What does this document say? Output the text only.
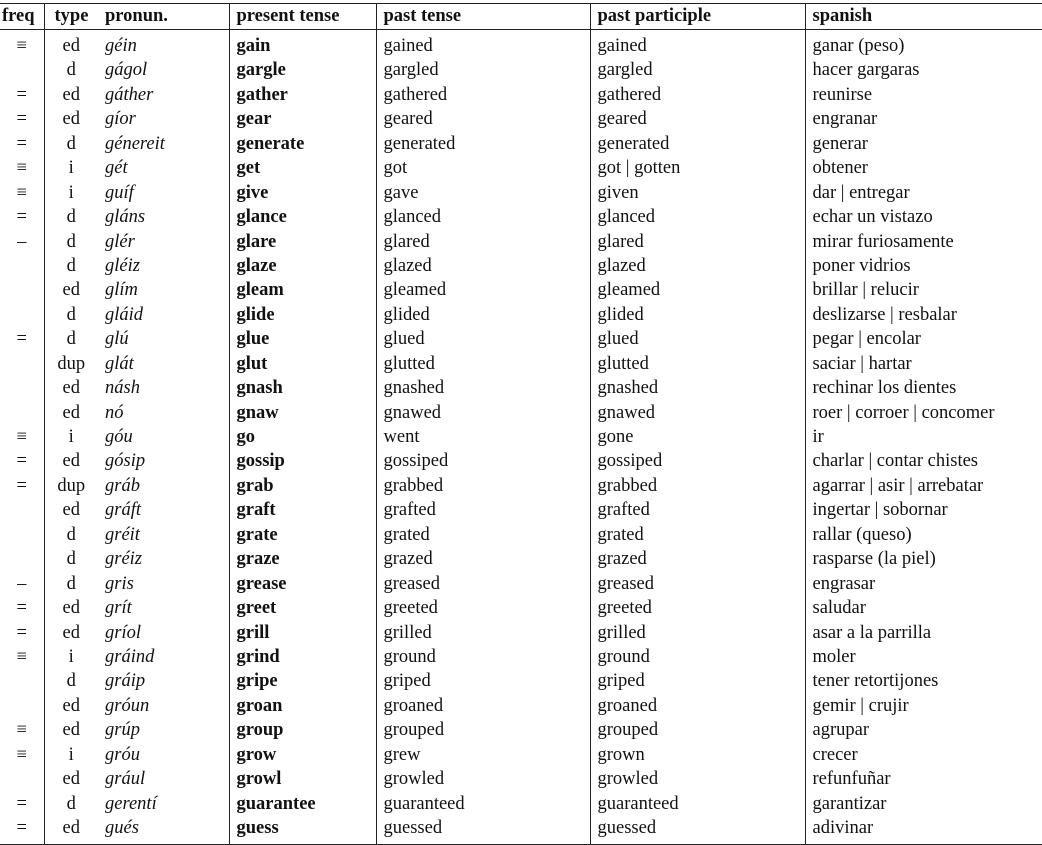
freq	type	pronun.	present tense	past tense	past participle	spanish
≡	ed	géin	gain	gained	gained	ganar (peso)
	d	gágol	gargle	gargled	gargled	hacer gargaras
=	ed	gáther	gather	gathered	gathered	reunirse
=	ed	gíor	gear	geared	geared	engranar
=	d	génereit	generate	generated	generated	generar
≡	i	gét	get	got	got | gotten	obtener
≡	i	guíf	give	gave	given	dar | entregar
=	d	gláns	glance	glanced	glanced	echar un vistazo
–	d	glér	glare	glared	glared	mirar furiosamente
	d	gléiz	glaze	glazed	glazed	poner vidrios
	ed	glím	gleam	gleamed	gleamed	brillar | relucir
	d	gláid	glide	glided	glided	deslizarse | resbalar
=	d	glú	glue	glued	glued	pegar | encolar
	dup	glát	glut	glutted	glutted	saciar | hartar
	ed	násh	gnash	gnashed	gnashed	rechinar los dientes
	ed	nó	gnaw	gnawed	gnawed	roer | corroer | concomer
≡	i	góu	go	went	gone	ir
=	ed	gósip	gossip	gossiped	gossiped	charlar | contar chistes
=	dup	gráb	grab	grabbed	grabbed	agarrar | asir | arrebatar
	ed	gráft	graft	grafted	grafted	ingertar | sobornar
	d	gréit	grate	grated	grated	rallar (queso)
	d	gréiz	graze	grazed	grazed	rasparse (la piel)
–	d	gris	grease	greased	greased	engrasar
=	ed	grít	greet	greeted	greeted	saludar
=	ed	gríol	grill	grilled	grilled	asar a la parrilla
≡	i	gráind	grind	ground	ground	moler
	d	gráip	gripe	griped	griped	tener retortijones
	ed	gróun	groan	groaned	groaned	gemir | crujir
≡	ed	grúp	group	grouped	grouped	agrupar
≡	i	gróu	grow	grew	grown	crecer
	ed	grául	growl	growled	growled	refunfuñar
=	d	gerentí	guarantee	guaranteed	guaranteed	garantizar
=	ed	gués	guess	guessed	guessed	adivinar
